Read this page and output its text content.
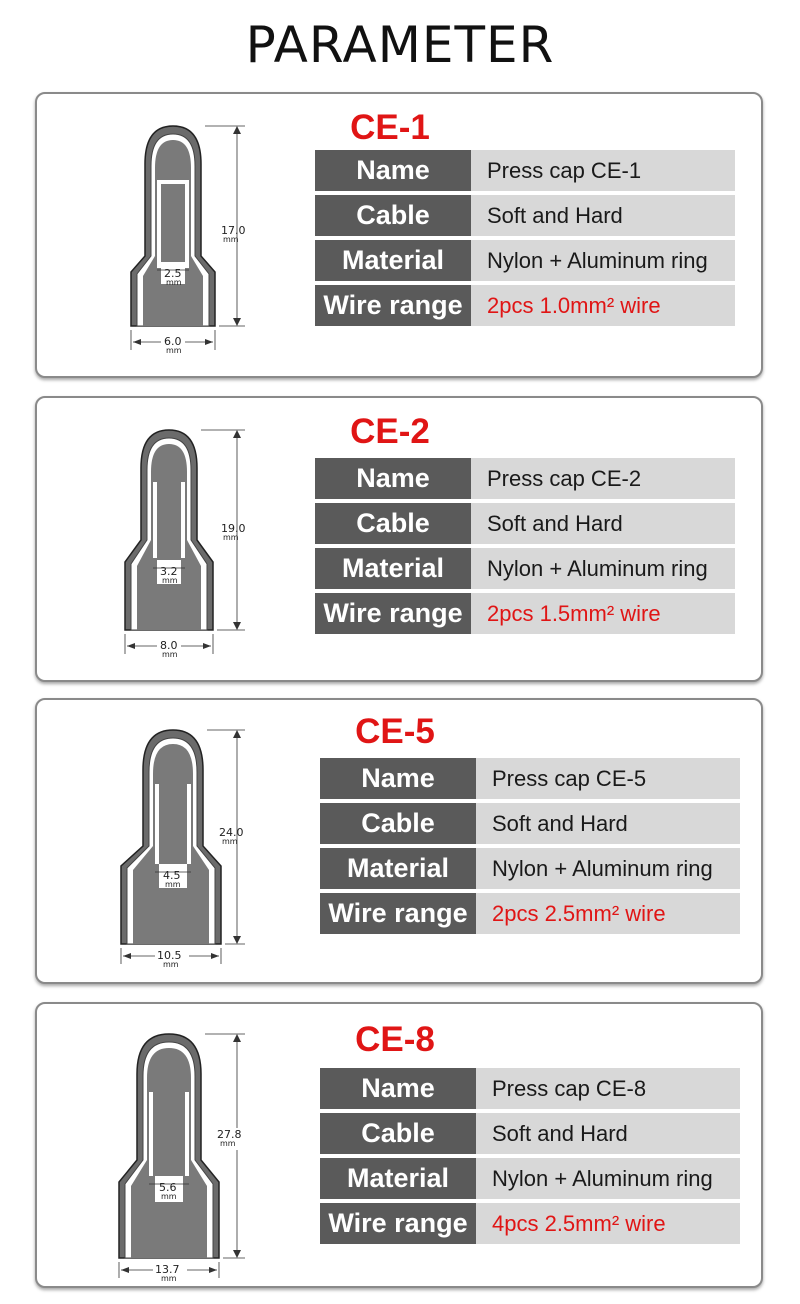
PARAMETER
17.0
mm
6.0
mm
2.5
mm
CE-1
Name	Press cap CE-1
Cable	Soft and Hard
Material	Nylon + Aluminum ring
Wire range	2pcs 1.0mm² wire
19.0
mm
8.0
mm
3.2
mm
CE-2
Name	Press cap CE-2
Cable	Soft and Hard
Material	Nylon + Aluminum ring
Wire range	2pcs 1.5mm² wire
24.0
mm
10.5
mm
4.5
mm
CE-5
Name	Press cap CE-5
Cable	Soft and Hard
Material	Nylon + Aluminum ring
Wire range	2pcs 2.5mm² wire
27.8
mm
13.7
mm
5.6
mm
CE-8
Name	Press cap CE-8
Cable	Soft and Hard
Material	Nylon + Aluminum ring
Wire range	4pcs 2.5mm² wire
